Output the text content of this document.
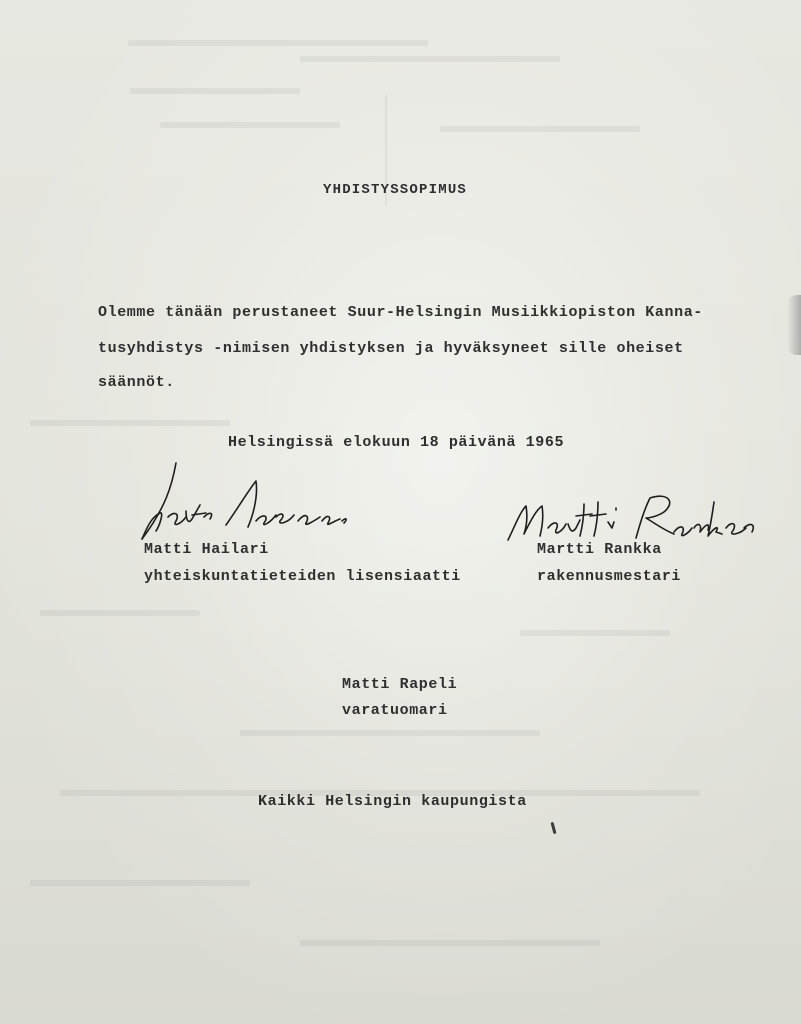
YHDISTYSSOPIMUS
Olemme tänään perustaneet Suur-Helsingin Musiikkiopiston Kanna-
tusyhdistys -nimisen yhdistyksen ja hyväksyneet sille oheiset
säännöt.
Helsingissä elokuun 18 päivänä 1965
Matti Hailari
yhteiskuntatieteiden lisensiaatti
Martti Rankka
rakennusmestari
Matti Rapeli
varatuomari
Kaikki Helsingin kaupungista
